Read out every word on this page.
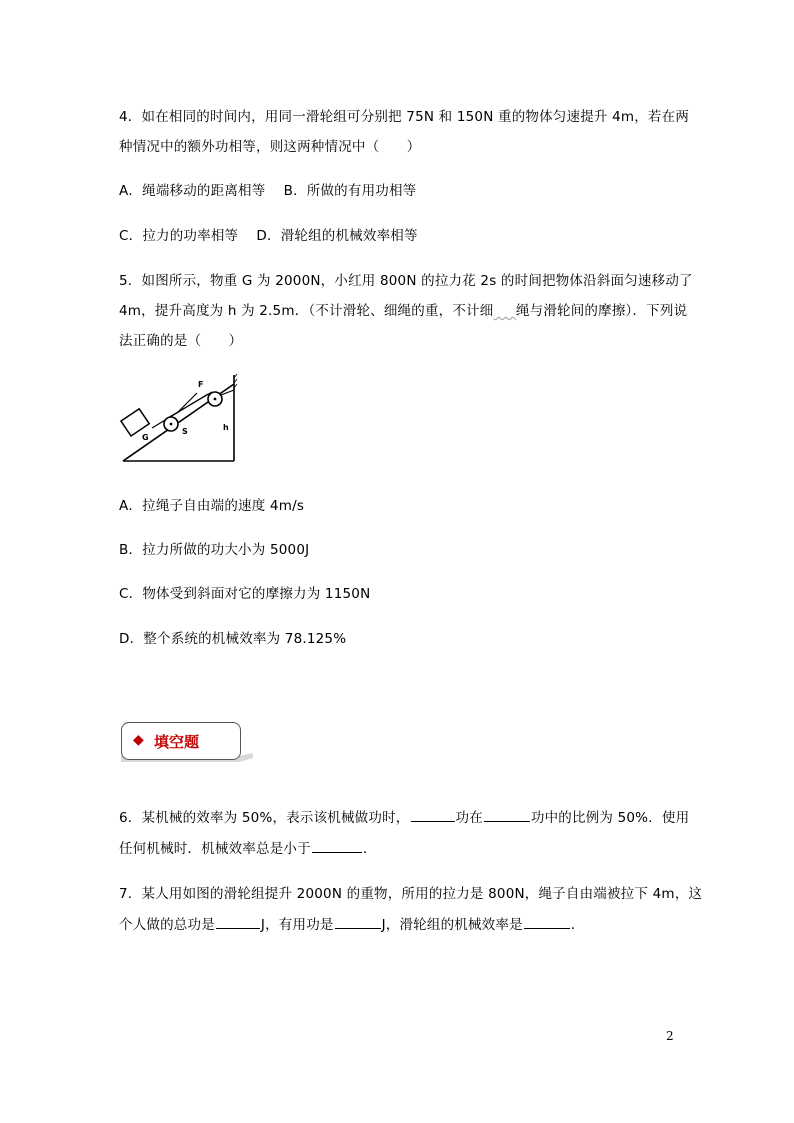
4．如在相同的时间内，用同一滑轮组可分别把 75N 和 150N 重的物体匀速提升 4m，若在两
种情况中的额外功相等，则这两种情况中（　　）
A．绳端移动的距离相等　 B．所做的有用功相等
C．拉力的功率相等　 D．滑轮组的机械效率相等
5．如图所示，物重 G 为 2000N，小红用 800N 的拉力花 2s 的时间把物体沿斜面匀速移动了
4m，提升高度为 h 为 2.5m．（不计滑轮、细绳的重，不计细​​​​     绳与滑轮间的摩擦）．下列说
法正确的是（　　）
G
F
S	h
A．拉绳子自由端的速度 4m/s
B．拉力所做的功大小为 5000J
C．物体受到斜面对它的摩擦力为 1150N
D．整个系统的机械效率为 78.125%
◆ 填空题
6．某机械的效率为 50%，表示该机械做功时，	功在	功中的比例为 50%．使用
任何机械时．机械效率总是小于	．
7．某人用如图的滑轮组提升 2000N 的重物，所用的拉力是 800N，绳子自由端被拉下 4m，这
个人做的总功是	J，有用功是	J，滑轮组的机械效率是	．
2
